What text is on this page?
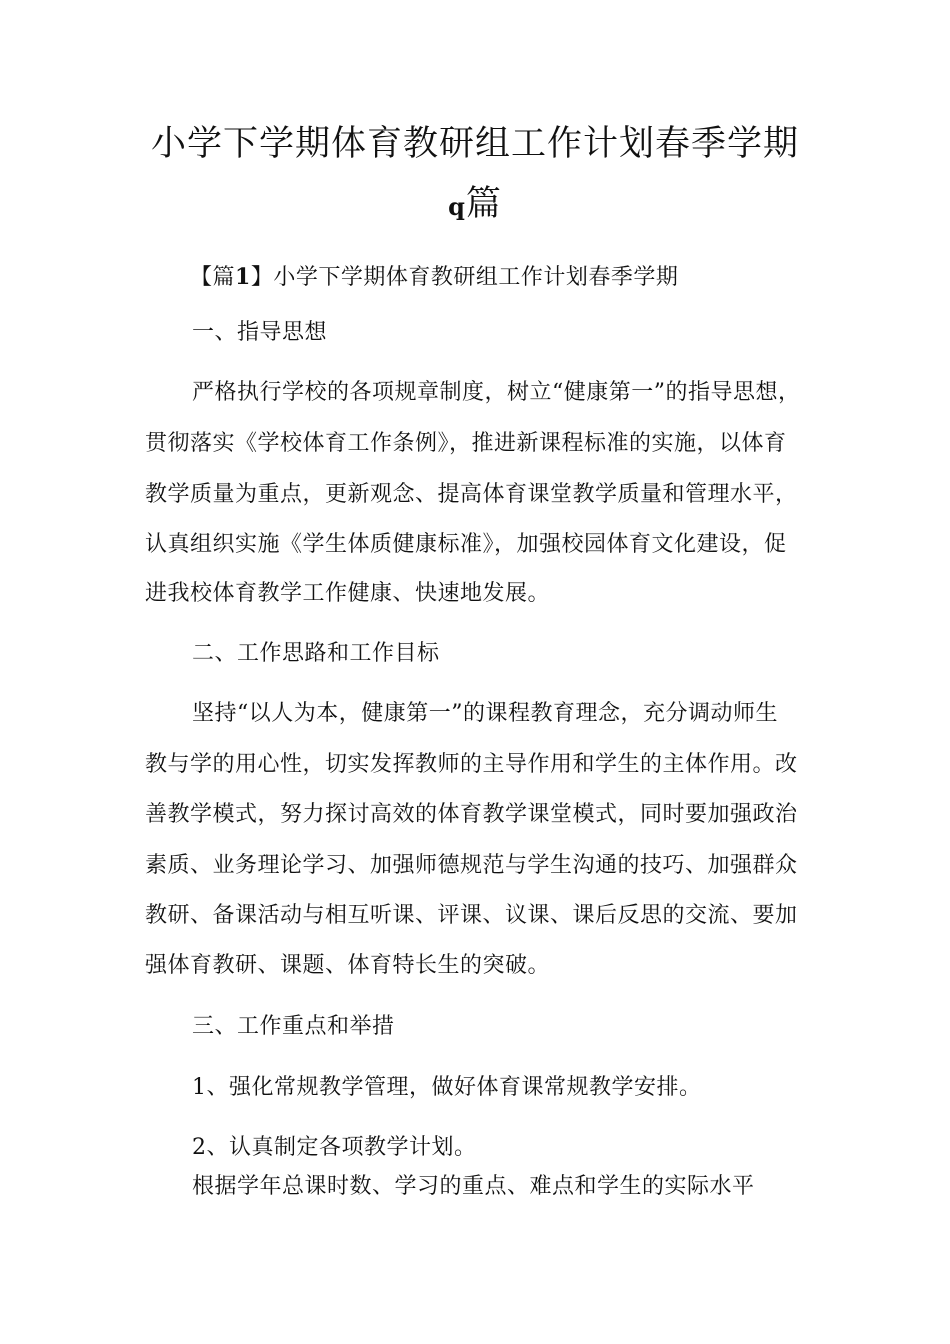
小学下学期体育教研组工作计划春季学期
q篇
【篇1】小学下学期体育教研组工作计划春季学期
一、指导思想
严格执行学校的各项规章制度，树立“健康第一”的指导思想，
贯彻落实《学校体育工作条例》，推进新课程标准的实施，以体育
教学质量为重点，更新观念、提高体育课堂教学质量和管理水平，
认真组织实施《学生体质健康标准》，加强校园体育文化建设，促
进我校体育教学工作健康、快速地发展。
二、工作思路和工作目标
坚持“以人为本，健康第一”的课程教育理念，充分调动师生
教与学的用心性，切实发挥教师的主导作用和学生的主体作用。改
善教学模式，努力探讨高效的体育教学课堂模式，同时要加强政治
素质、业务理论学习、加强师德规范与学生沟通的技巧、加强群众
教研、备课活动与相互听课、评课、议课、课后反思的交流、要加
强体育教研、课题、体育特长生的突破。
三、工作重点和举措
1、强化常规教学管理，做好体育课常规教学安排。
2、认真制定各项教学计划。
根据学年总课时数、学习的重点、难点和学生的实际水平
